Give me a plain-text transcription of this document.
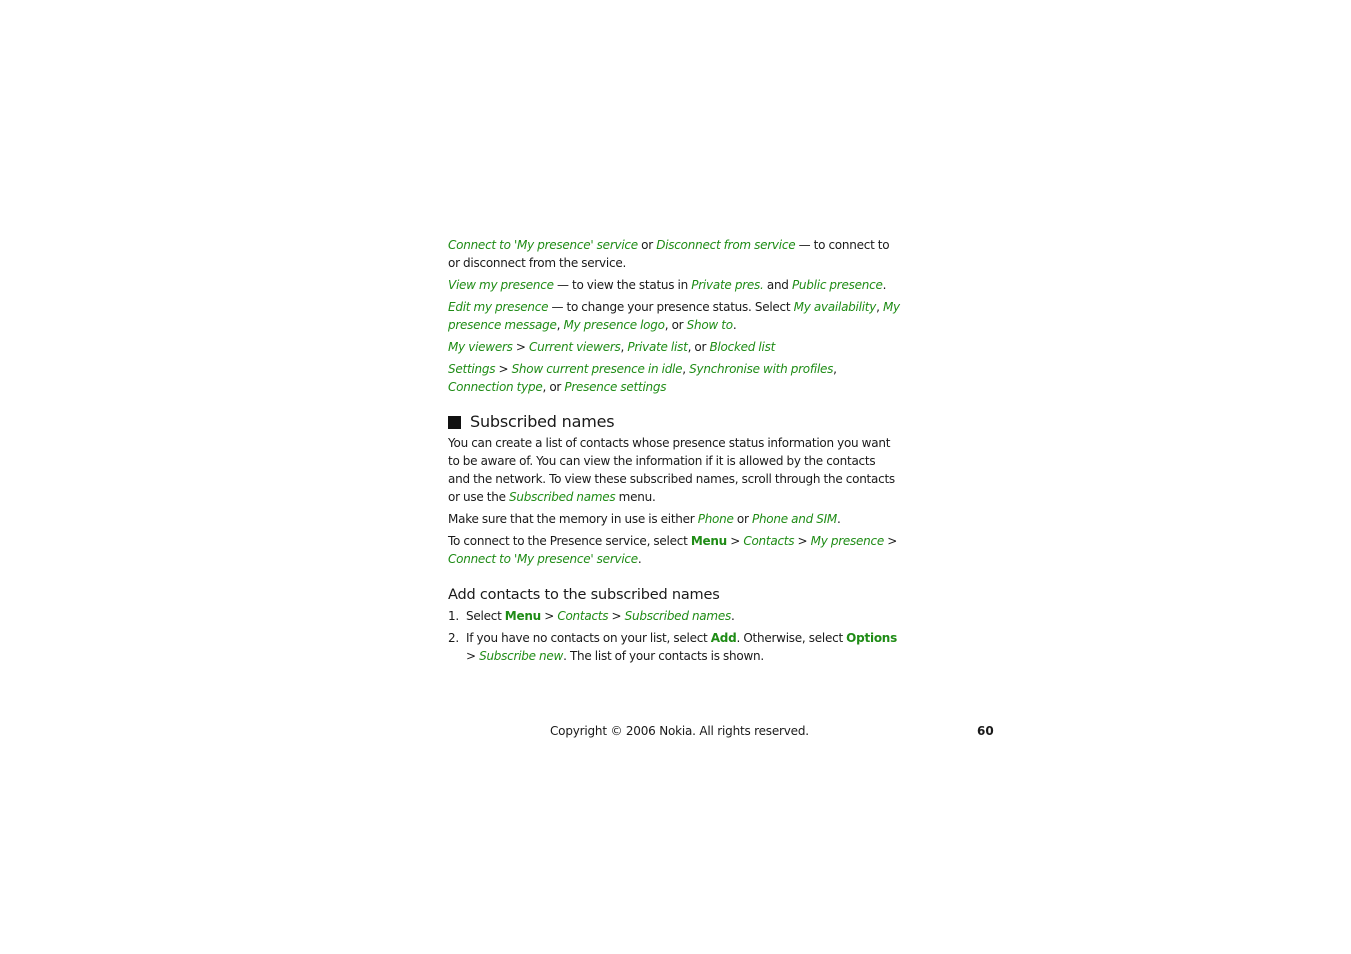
Connect to 'My presence' service or Disconnect from service — to connect to or disconnect from the service.

View my presence — to view the status in Private pres. and Public presence.

Edit my presence — to change your presence status. Select My availability, My presence message, My presence logo, or Show to.

My viewers > Current viewers, Private list, or Blocked list

Settings > Show current presence in idle, Synchronise with profiles, Connection type, or Presence settings

Subscribed names

You can create a list of contacts whose presence status information you want to be aware of. You can view the information if it is allowed by the contacts and the network. To view these subscribed names, scroll through the contacts or use the Subscribed names menu.

Make sure that the memory in use is either Phone or Phone and SIM.

To connect to the Presence service, select Menu > Contacts > My presence > Connect to 'My presence' service.

Add contacts to the subscribed names
1. Select Menu > Contacts > Subscribed names.
2. If you have no contacts on your list, select Add. Otherwise, select Options > Subscribe new. The list of your contacts is shown.
Copyright © 2006 Nokia. All rights reserved.	60
